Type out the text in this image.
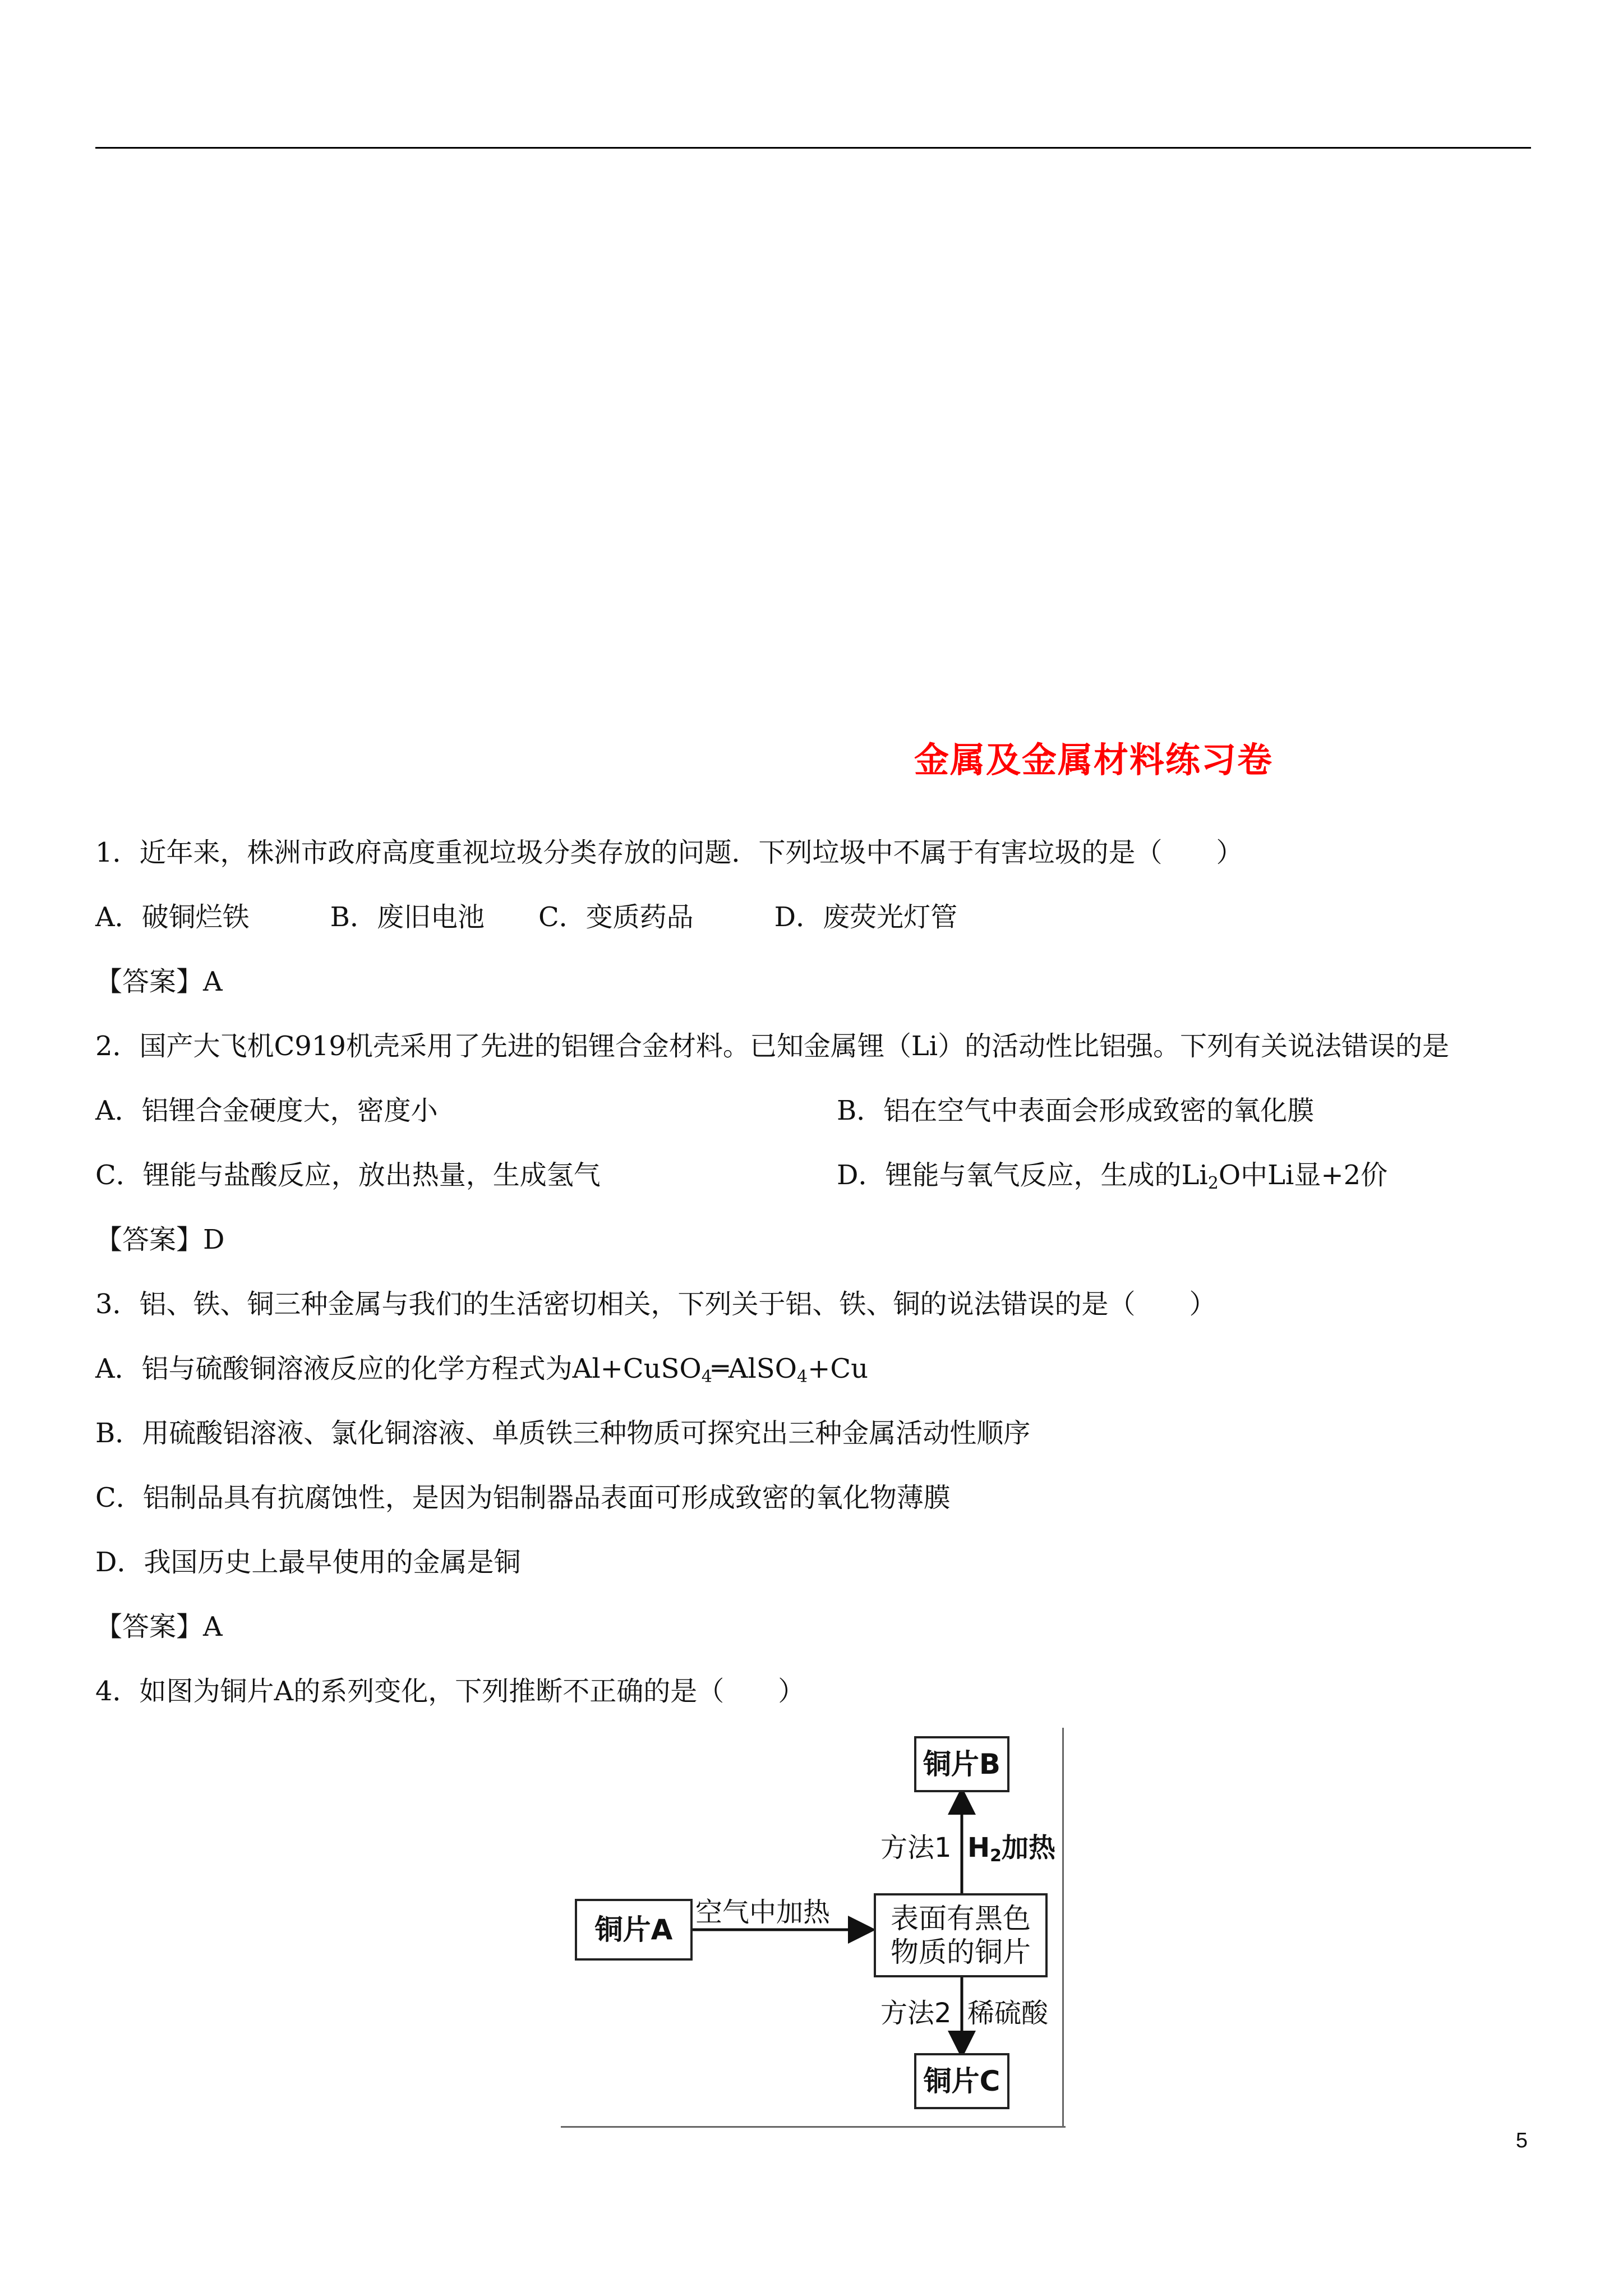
金属及金属材料练习卷
1．近年来，株洲市政府高度重视垃圾分类存放的问题．下列垃圾中不属于有害垃圾的是（　　）
A．破铜烂铁　　　B．废旧电池　　C．变质药品　　　D．废荧光灯管
【答案】A
2．国产大飞机C919机壳采用了先进的铝锂合金材料。已知金属锂（Li）的活动性比铝强。下列有关说法错误的是
A．铝锂合金硬度大，密度小	B．铝在空气中表面会形成致密的氧化膜
C．锂能与盐酸反应，放出热量，生成氢气	D．锂能与氧气反应，生成的$Li_2O$中Li显+2价
【答案】D
3．铝、铁、铜三种金属与我们的生活密切相关，下列关于铝、铁、铜的说法错误的是（　　）
A．铝与硫酸铜溶液反应的化学方程式为Al+CuSO$_4$═AlSO$_4$+Cu
B．用硫酸铝溶液、氯化铜溶液、单质铁三种物质可探究出三种金属活动性顺序
C．铝制品具有抗腐蚀性，是因为铝制器品表面可形成致密的氧化物薄膜
D．我国历史上最早使用的金属是铜
【答案】A
4．如图为铜片A的系列变化，下列推断不正确的是（　　）
铜片A
铜片B
铜片C
表面有黑色
物质的铜片
空气中加热
方法1 $H_2$加热
方法2 稀硫酸
5
